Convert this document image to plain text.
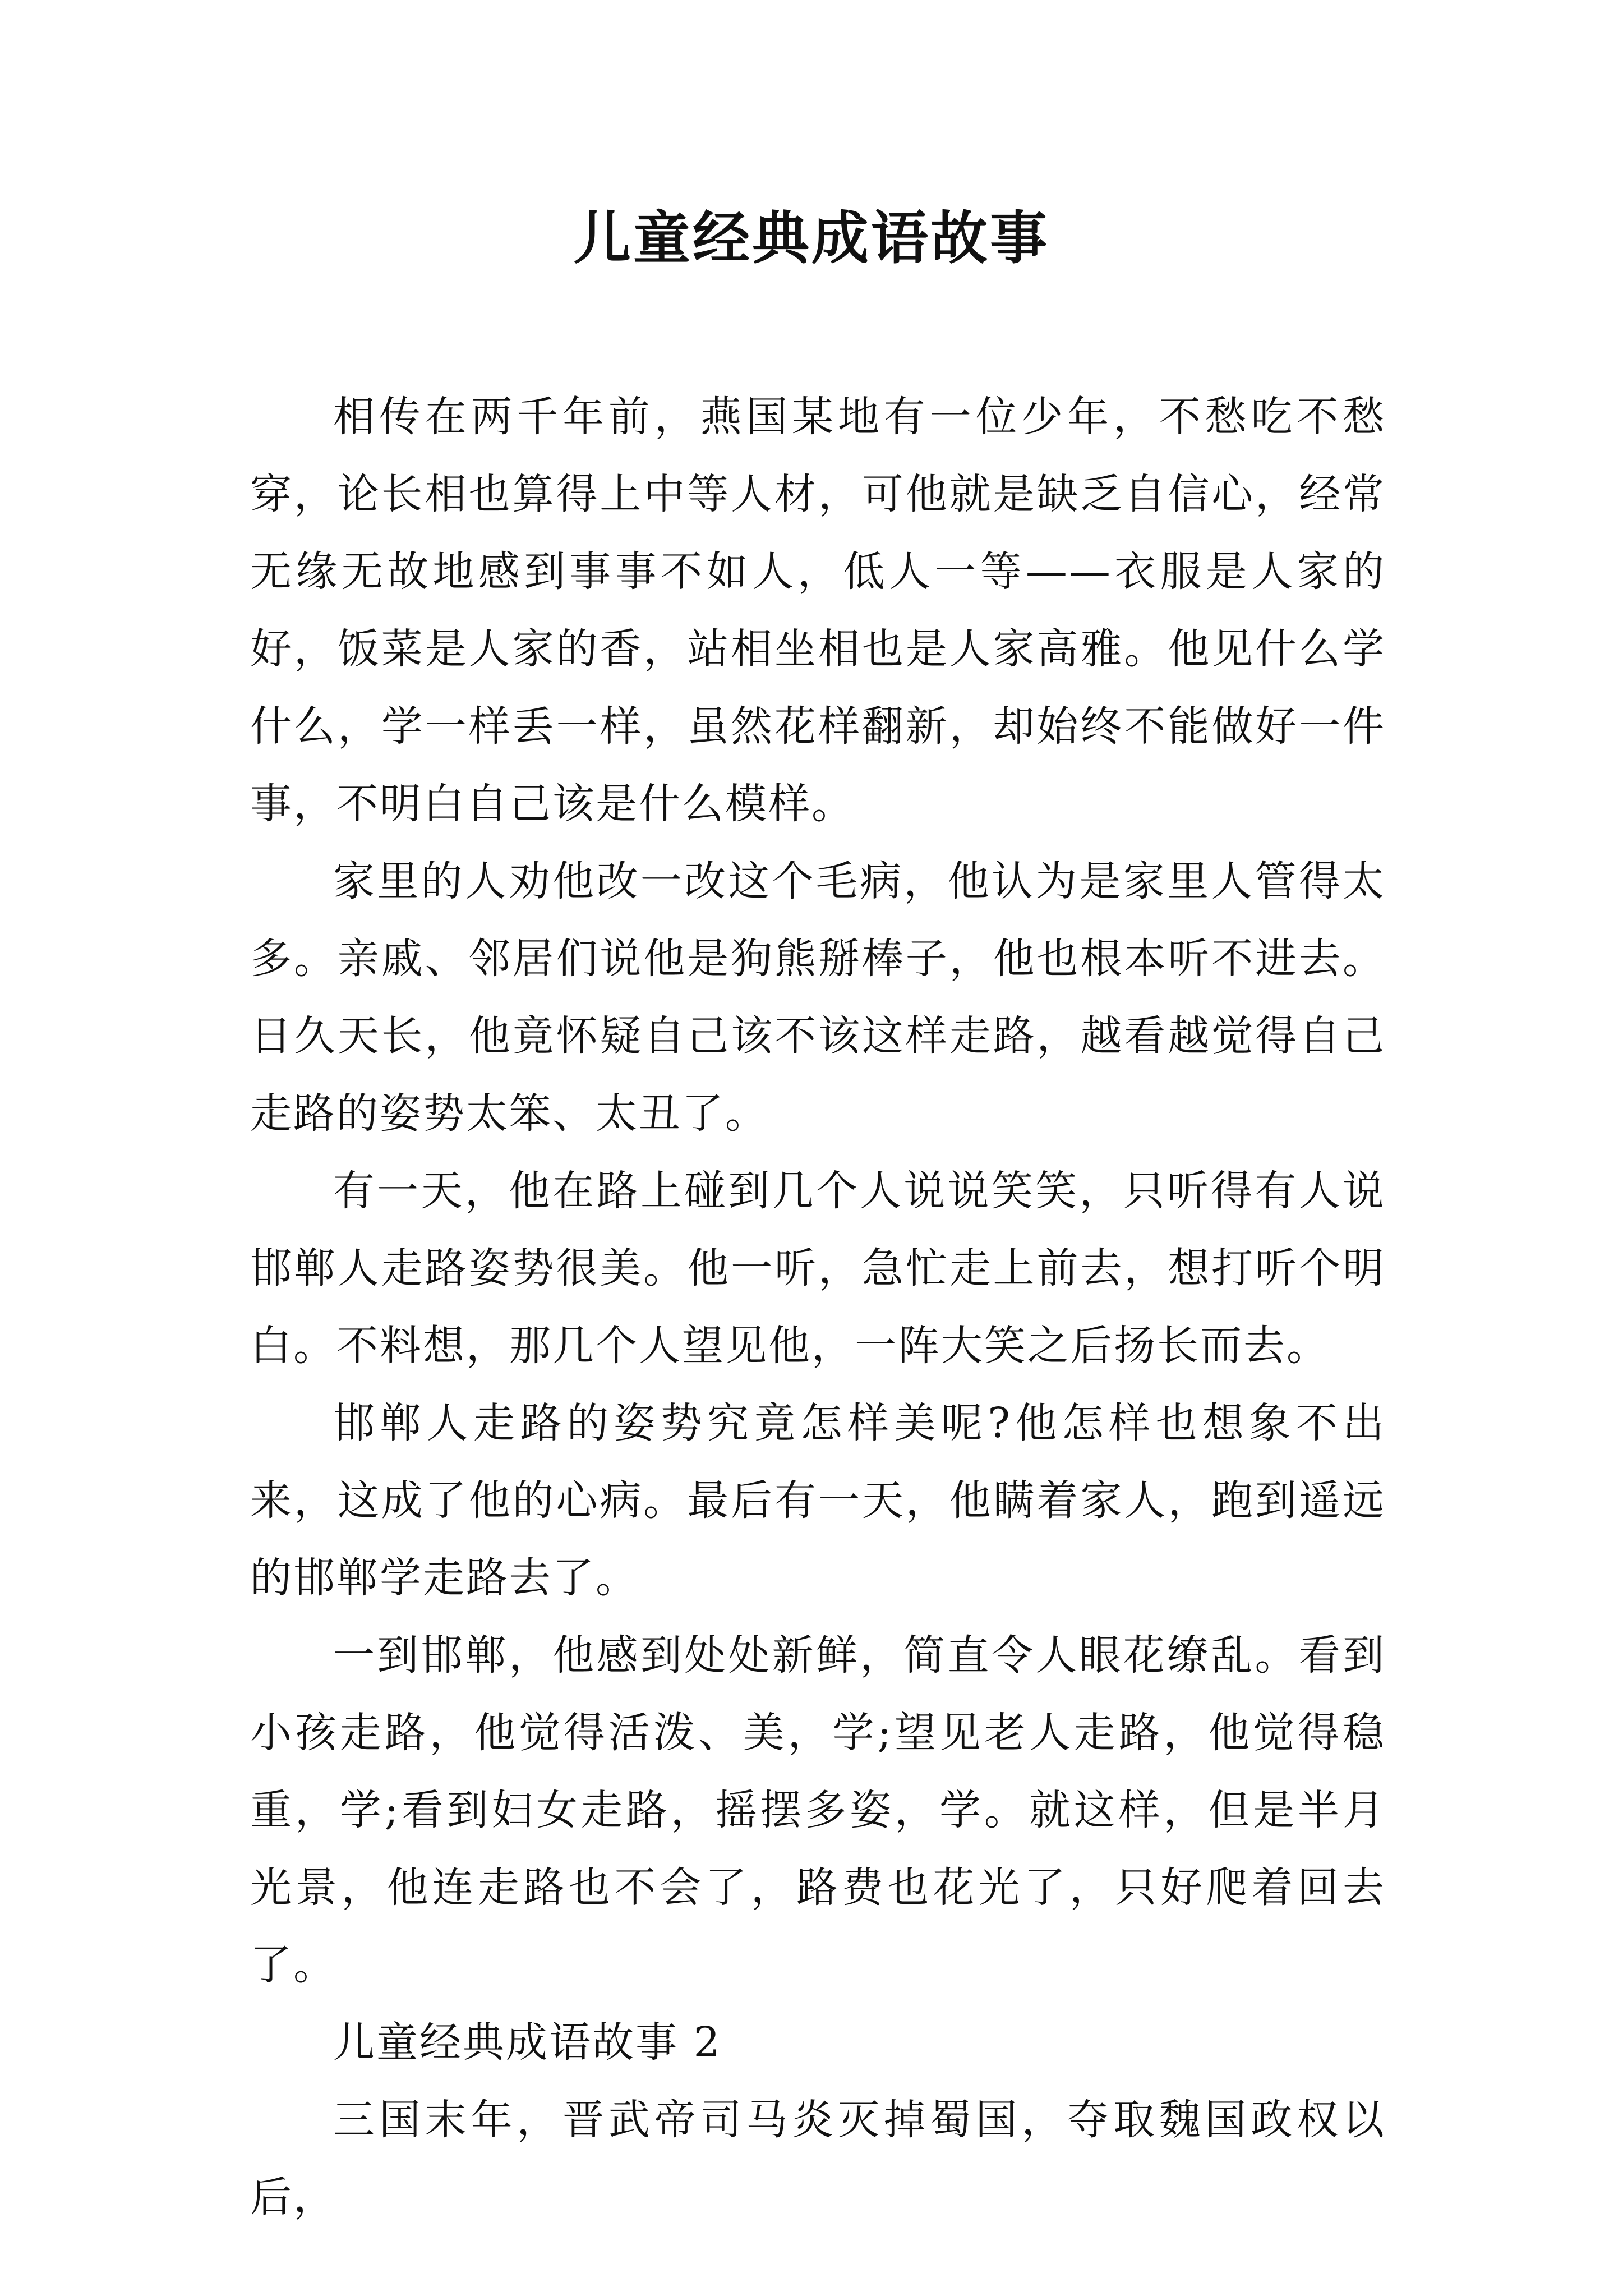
儿童经典成语故事

相传在两千年前，燕国某地有一位少年，不愁吃不愁穿，论长相也算得上中等人材，可他就是缺乏自信心，经常无缘无故地感到事事不如人，低人一等——衣服是人家的好，饭菜是人家的香，站相坐相也是人家高雅。他见什么学什么，学一样丢一样，虽然花样翻新，却始终不能做好一件事，不明白自己该是什么模样。

家里的人劝他改一改这个毛病，他认为是家里人管得太多。亲戚、邻居们说他是狗熊掰棒子，他也根本听不进去。日久天长，他竟怀疑自己该不该这样走路，越看越觉得自己走路的姿势太笨、太丑了。

有一天，他在路上碰到几个人说说笑笑，只听得有人说邯郸人走路姿势很美。他一听，急忙走上前去，想打听个明白。不料想，那几个人望见他，一阵大笑之后扬长而去。

邯郸人走路的姿势究竟怎样美呢?他怎样也想象不出来，这成了他的心病。最后有一天，他瞒着家人，跑到遥远的邯郸学走路去了。

一到邯郸，他感到处处新鲜，简直令人眼花缭乱。看到小孩走路，他觉得活泼、美，学;望见老人走路，他觉得稳重，学;看到妇女走路，摇摆多姿，学。就这样，但是半月光景，他连走路也不会了，路费也花光了，只好爬着回去了。

儿童经典成语故事 2

三国末年，晋武帝司马炎灭掉蜀国，夺取魏国政权以后，
